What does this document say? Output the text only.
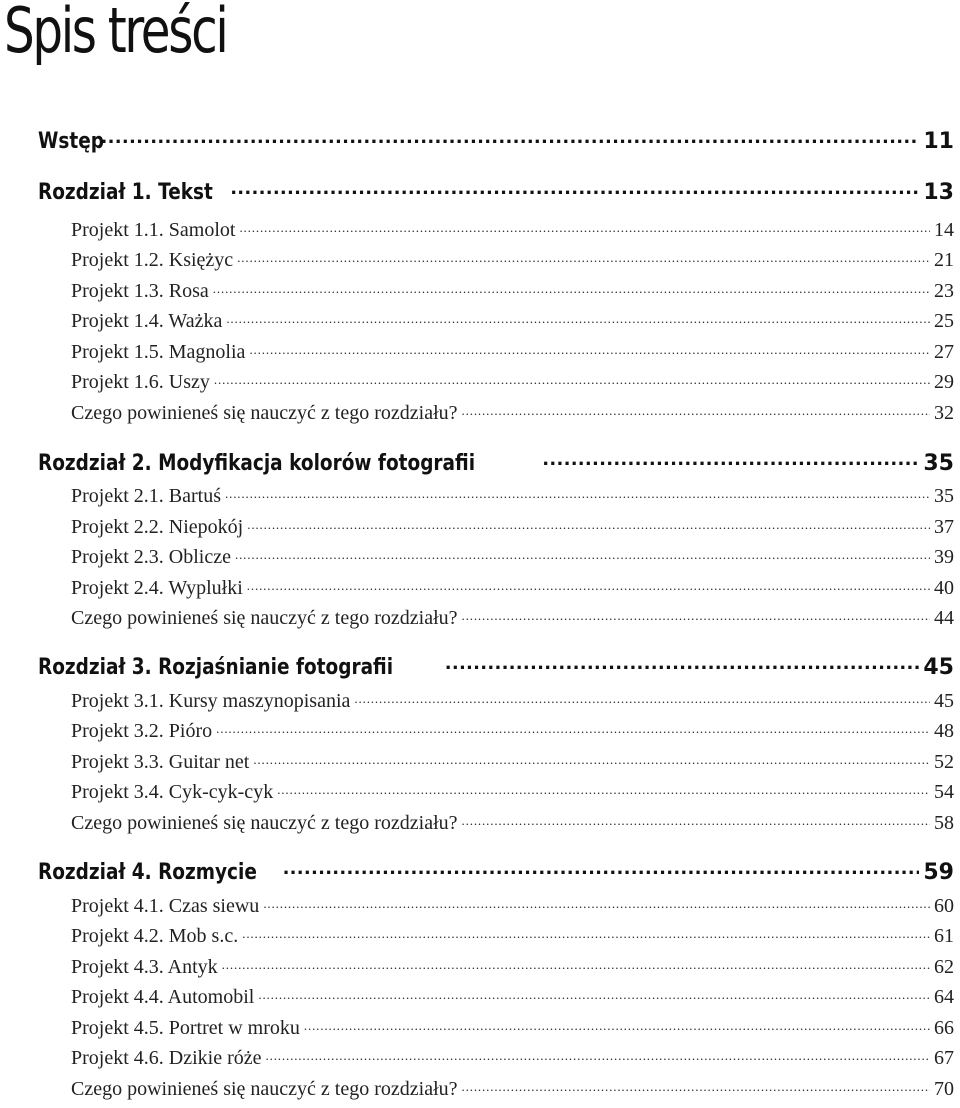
Spis treści
Wstęp . . .	11
Rozdział 1. Tekst . . .	13
Projekt 1.1. Samolot . . .	14
Projekt 1.2. Księżyc . . .	21
Projekt 1.3. Rosa . . .	23
Projekt 1.4. Ważka . . .	25
Projekt 1.5. Magnolia . . .	27
Projekt 1.6. Uszy . . .	29
Czego powinieneś się nauczyć z tego rozdziału? . . .	32
Rozdział 2. Modyfikacja kolorów fotografii . . .	35
Projekt 2.1. Bartuś . . .	35
Projekt 2.2. Niepokój . . .	37
Projekt 2.3. Oblicze . . .	39
Projekt 2.4. Wyplułki . . .	40
Czego powinieneś się nauczyć z tego rozdziału? . . .	44
Rozdział 3. Rozjaśnianie fotografii . . .	45
Projekt 3.1. Kursy maszynopisania . . .	45
Projekt 3.2. Pióro . . .	48
Projekt 3.3. Guitar net . . .	52
Projekt 3.4. Cyk-cyk-cyk . . .	54
Czego powinieneś się nauczyć z tego rozdziału? . . .	58
Rozdział 4. Rozmycie . . .	59
Projekt 4.1. Czas siewu . . .	60
Projekt 4.2. Mob s.c. . . .	61
Projekt 4.3. Antyk . . .	62
Projekt 4.4. Automobil . . .	64
Projekt 4.5. Portret w mroku . . .	66
Projekt 4.6. Dzikie róże . . .	67
Czego powinieneś się nauczyć z tego rozdziału? . . .	70
